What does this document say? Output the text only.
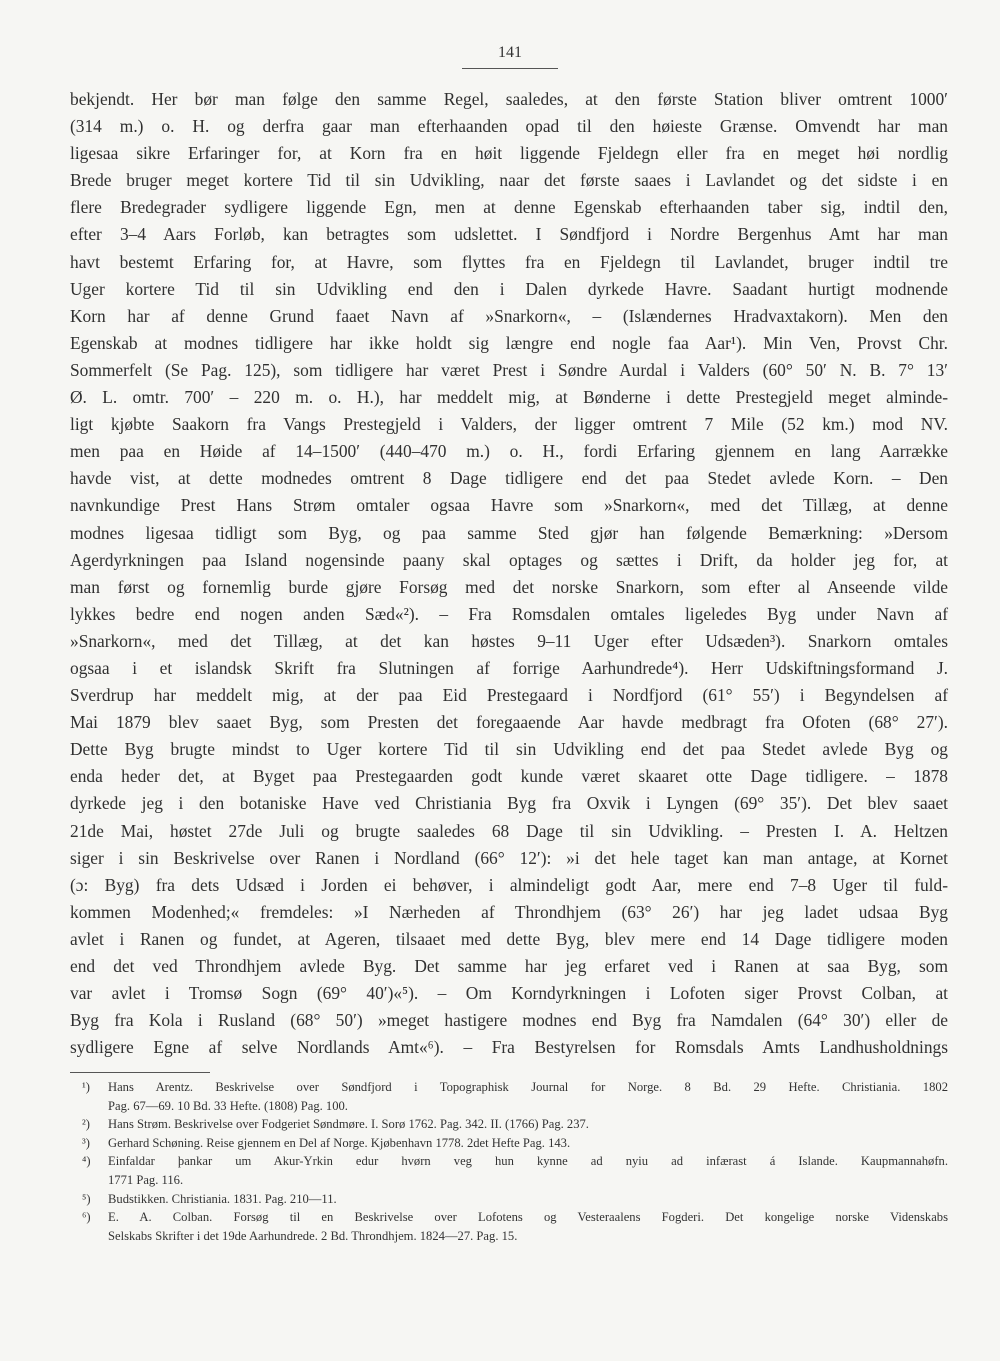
141
bekjendt. Her bør man følge den samme Regel, saaledes, at den første Station bliver omtrent 1000′
(314 m.) o. H. og derfra gaar man efterhaanden opad til den høieste Grænse. Omvendt har man
ligesaa sikre Erfaringer for, at Korn fra en høit liggende Fjeldegn eller fra en meget høi nordlig
Brede bruger meget kortere Tid til sin Udvikling, naar det første saaes i Lavlandet og det sidste i en
flere Bredegrader sydligere liggende Egn, men at denne Egenskab efterhaanden taber sig, indtil den,
efter 3–4 Aars Forløb, kan betragtes som udslettet. I Søndfjord i Nordre Bergenhus Amt har man
havt bestemt Erfaring for, at Havre, som flyttes fra en Fjeldegn til Lavlandet, bruger indtil tre
Uger kortere Tid til sin Udvikling end den i Dalen dyrkede Havre. Saadant hurtigt modnende
Korn har af denne Grund faaet Navn af »Snarkorn«, – (Islændernes Hradvaxtakorn). Men den
Egenskab at modnes tidligere har ikke holdt sig længre end nogle faa Aar¹). Min Ven, Provst Chr.
Sommerfelt (Se Pag. 125), som tidligere har været Prest i Søndre Aurdal i Valders (60° 50′ N. B. 7° 13′
Ø. L. omtr. 700′ – 220 m. o. H.), har meddelt mig, at Bønderne i dette Prestegjeld meget alminde-
ligt kjøbte Saakorn fra Vangs Prestegjeld i Valders, der ligger omtrent 7 Mile (52 km.) mod NV.
men paa en Høide af 14–1500′ (440–470 m.) o. H., fordi Erfaring gjennem en lang Aarrække
havde vist, at dette modnedes omtrent 8 Dage tidligere end det paa Stedet avlede Korn. – Den
navnkundige Prest Hans Strøm omtaler ogsaa Havre som »Snarkorn«, med det Tillæg, at denne
modnes ligesaa tidligt som Byg, og paa samme Sted gjør han følgende Bemærkning: »Dersom
Agerdyrkningen paa Island nogensinde paany skal optages og sættes i Drift, da holder jeg for, at
man først og fornemlig burde gjøre Forsøg med det norske Snarkorn, som efter al Anseende vilde
lykkes bedre end nogen anden Sæd«²). – Fra Romsdalen omtales ligeledes Byg under Navn af
»Snarkorn«, med det Tillæg, at det kan høstes 9–11 Uger efter Udsæden³). Snarkorn omtales
ogsaa i et islandsk Skrift fra Slutningen af forrige Aarhundrede⁴). Herr Udskiftningsformand J.
Sverdrup har meddelt mig, at der paa Eid Prestegaard i Nordfjord (61° 55′) i Begyndelsen af
Mai 1879 blev saaet Byg, som Presten det foregaaende Aar havde medbragt fra Ofoten (68° 27′).
Dette Byg brugte mindst to Uger kortere Tid til sin Udvikling end det paa Stedet avlede Byg og
enda heder det, at Byget paa Prestegaarden godt kunde været skaaret otte Dage tidligere. – 1878
dyrkede jeg i den botaniske Have ved Christiania Byg fra Oxvik i Lyngen (69° 35′). Det blev saaet
21de Mai, høstet 27de Juli og brugte saaledes 68 Dage til sin Udvikling. – Presten I. A. Heltzen
siger i sin Beskrivelse over Ranen i Nordland (66° 12′): »i det hele taget kan man antage, at Kornet
(ɔ: Byg) fra dets Udsæd i Jorden ei behøver, i almindeligt godt Aar, mere end 7–8 Uger til fuld-
kommen Modenhed;« fremdeles: »I Nærheden af Throndhjem (63° 26′) har jeg ladet udsaa Byg
avlet i Ranen og fundet, at Ageren, tilsaaet med dette Byg, blev mere end 14 Dage tidligere moden
end det ved Throndhjem avlede Byg. Det samme har jeg erfaret ved i Ranen at saa Byg, som
var avlet i Tromsø Sogn (69° 40′)«⁵). – Om Korndyrkningen i Lofoten siger Provst Colban, at
Byg fra Kola i Rusland (68° 50′) »meget hastigere modnes end Byg fra Namdalen (64° 30′) eller de
sydligere Egne af selve Nordlands Amt«⁶). – Fra Bestyrelsen for Romsdals Amts Landhusholdnings
¹) Hans Arentz. Beskrivelse over Søndfjord i Topographisk Journal for Norge. 8 Bd. 29 Hefte. Christiania. 1802
Pag. 67—69. 10 Bd. 33 Hefte. (1808) Pag. 100.
²) Hans Strøm. Beskrivelse over Fodgeriet Søndmøre. I. Sorø 1762. Pag. 342. II. (1766) Pag. 237.
³) Gerhard Schøning. Reise gjennem en Del af Norge. Kjøbenhavn 1778. 2det Hefte Pag. 143.
⁴) Einfaldar þankar um Akur-Yrkin edur hvørn veg hun kynne ad nyiu ad infærast á Islande. Kaupmannahøfn.
1771 Pag. 116.
⁵) Budstikken. Christiania. 1831. Pag. 210—11.
⁶) E. A. Colban. Forsøg til en Beskrivelse over Lofotens og Vesteraalens Fogderi. Det kongelige norske Videnskabs
Selskabs Skrifter i det 19de Aarhundrede. 2 Bd. Throndhjem. 1824—27. Pag. 15.
